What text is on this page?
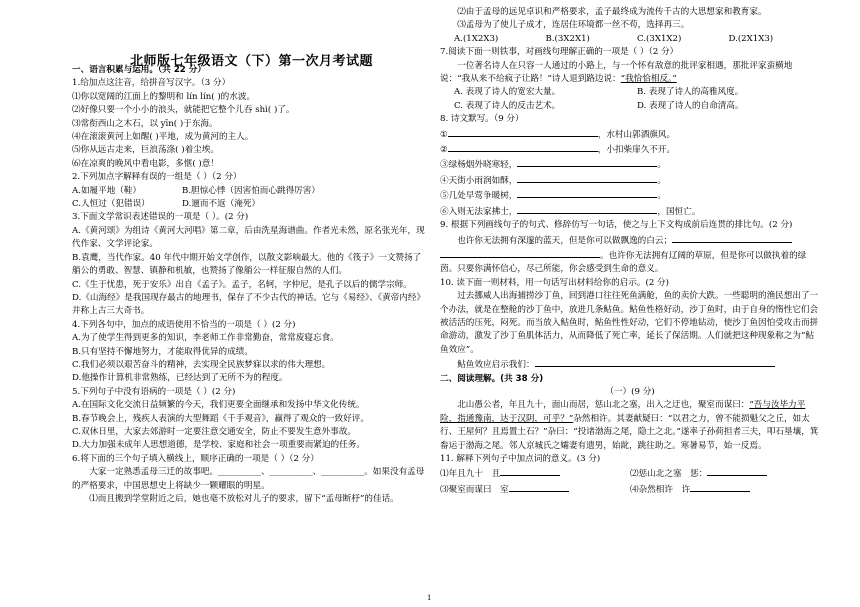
北师版七年级语文（下）第一次月考试题
一、语言积累与运用。（共 22 分）
1.给加点这注音，给拼音写汉字。（3 分）
⑴你以宽阔的江面上的黎明和 lín lín( )的水波。
⑵好像只要一个小小的浪头，就能把它整个儿吞 shì( )了。
⑶常衔西山之木石，以 yīn( )于东海。
⑷在滚滚黄河上如醒( )平地，成为黄河的主人。
⑸你从远古走来，巨浪荡涤( )着尘埃。
⑹在凉爽的晚风中看电影，多惬( )意！
2.下列加点字解释有误的一组是（ ）（2 分）
A.如履平地（鞋）	B.胆惊心悸（因害怕而心跳得厉害）
C.人恒过（犯错误）	D.逦而不返（淹死）
3.下面文学常识表述错误的一项是（ ）。(2 分)
A.《黄河颂》为组诗《黄河大河唱》第二章，后由洗星海谱曲。作者光未然，原名张光年，现代作家、文学评论家。
B.袁鹰，当代作家。40 年代中期开始文学创作，以散文影响最大。他的《筏子》一文赞扬了艄公的勇敢、智慧、镇静和机敏，也赞扬了像艄公一样征服自然的人们。
C.《生于忧患，死于安乐》出自《孟子》。孟子，名轲，字仲尼，是孔子以后的儒学宗师。
D.《山海经》是我国现存最古的地理书，保存了不少古代的神话。它与《易经》、《黄帝内经》并称上古三大奇书。
4.下列各句中，加点的成语使用不恰当的一项是（ ）(2 分)
A.为了使学生得到更多的知识，李老师工作非常勤奋，常常废寝忘食。
B.只有坚持不懈地努力，才能取得优异的成绩。
C.我们必须以艰苦奋斗的精神，去实现全民族梦寐以求的伟大理想。
D.他操作计算机非常熟练，已经达到了无所不为的程度。
5.下列句子中没有语病的一项是（ ）(2 分)
A.在国际文化交流日益频繁的今天，我们更要全面继承和发扬中华文化传统。
B.春节晚会上，残疾人表演的大型舞蹈《千手观音》，赢得了观众的一致好评。
C.双休日里，大家去郊游时一定要注意交通安全，防止不要发生意外事故。
D.大力加强未成年人思想道德，是学校、家庭和社会一项重要而紧迫的任务。
6.将下面的三个句子填入横线上，顺序正确的一项是（ ）（2 分）
大家一定熟悉孟母三迁的故事吧。__________、__________、__________。如果没有孟母的严格要求，中国思想史上将缺少一颗耀眼的明星。
⑴而且搬到学堂附近之后，她也毫不放松对儿子的要求，留下“孟母断杼”的佳话。
⑵由于孟母的远见卓识和严格要求，孟子最终成为流传千古的大思想家和教育家。
⑶孟母为了使儿子成才，连居住环境都一丝不苟，选择再三。
A.(1X2X3)	B.(3X2X1)	C.(3X1X2)	D.(2X1X3)
7.阅读下面一则铁事，对画线句理解正确的一项是（ ）（2 分）
一位著名诗人在只容一人通过的小路上，与一个怀有敌意的批评家相遇，那批评家蛮横地说：“我从来不给疯子让路！”诗人退到路边说：“我恰恰相反。”
A. 表现了诗人的宽宏大量。	B. 表现了诗人的高雅风度。
C. 表现了诗人的反击艺术。	D. 表现了诗人的自命清高。
8. 诗文默写。（9 分）
①	，水村山郭酒旗风。
②	，小扣柴扉久不开。
③绿杨烟外晓寒轻，	。
④天街小雨润如酥，	。
⑤几处早莺争暖树，	。
⑥入则无法家拂士，	，国恒亡。
9. 根据下列画线句子的句式、修辞仿写一句话，使之与上下文构成前后连贯的排比句。(2 分)
也许你无法拥有深邃的蓝天，但是你可以做飘逸的白云；
。也许你无法拥有辽阔的草原，但是你可以做执着的绿茵。只要你满怀信心，尽己所能，你会感受到生命的意义。
10. 读下面一则材料，用一句话写出材料给你的启示。(2 分)
过去挪威人出海捕捞沙丁鱼，回到港口往往死鱼满舱，鱼的卖价大跌。一些聪明的渔民想出了一个办法，就是在整舱的沙丁鱼中，放进几条鲇鱼。鲇鱼性格好动，沙丁鱼时，由于自身的惰性它们会被活活的压死，闷死。而当放入鲇鱼时，鲇鱼性性好动，它们不停地钻动，使沙丁鱼因怕受攻击而拼命游动，激发了沙丁鱼肌体活力，从而降低了死亡率，延长了保活期。人们就把这种现象称之为“鲇鱼效应”。
鲇鱼效应启示我们：
二、阅读理解。(共 38 分)
（一）(9 分)
北山愚公者，年且九十，面山而居，惩山北之塞，出入之迂也，聚室而谋曰：“吾与汝毕力平险，指通豫南，达于汉阴，可乎？”杂然相许。其妻献疑曰：“以君之力，曾不能损魁父之丘，如太行、王屋何？且焉置土石？”杂曰：“投诸渤海之尾，隐土之北。”遂率子孙荷担者三夫，叩石垦壤，箕畚运于渤海之尾。邻人京城氏之孀妻有遗男，始龀，跳往助之。寒暑易节，始一反焉。
11. 解释下列句子中加点词的意义。(3 分)
⑴年且九十　且	⑵惩山北之塞　惩：
⑶聚室而谋曰　室	⑷杂然相许　许
1
